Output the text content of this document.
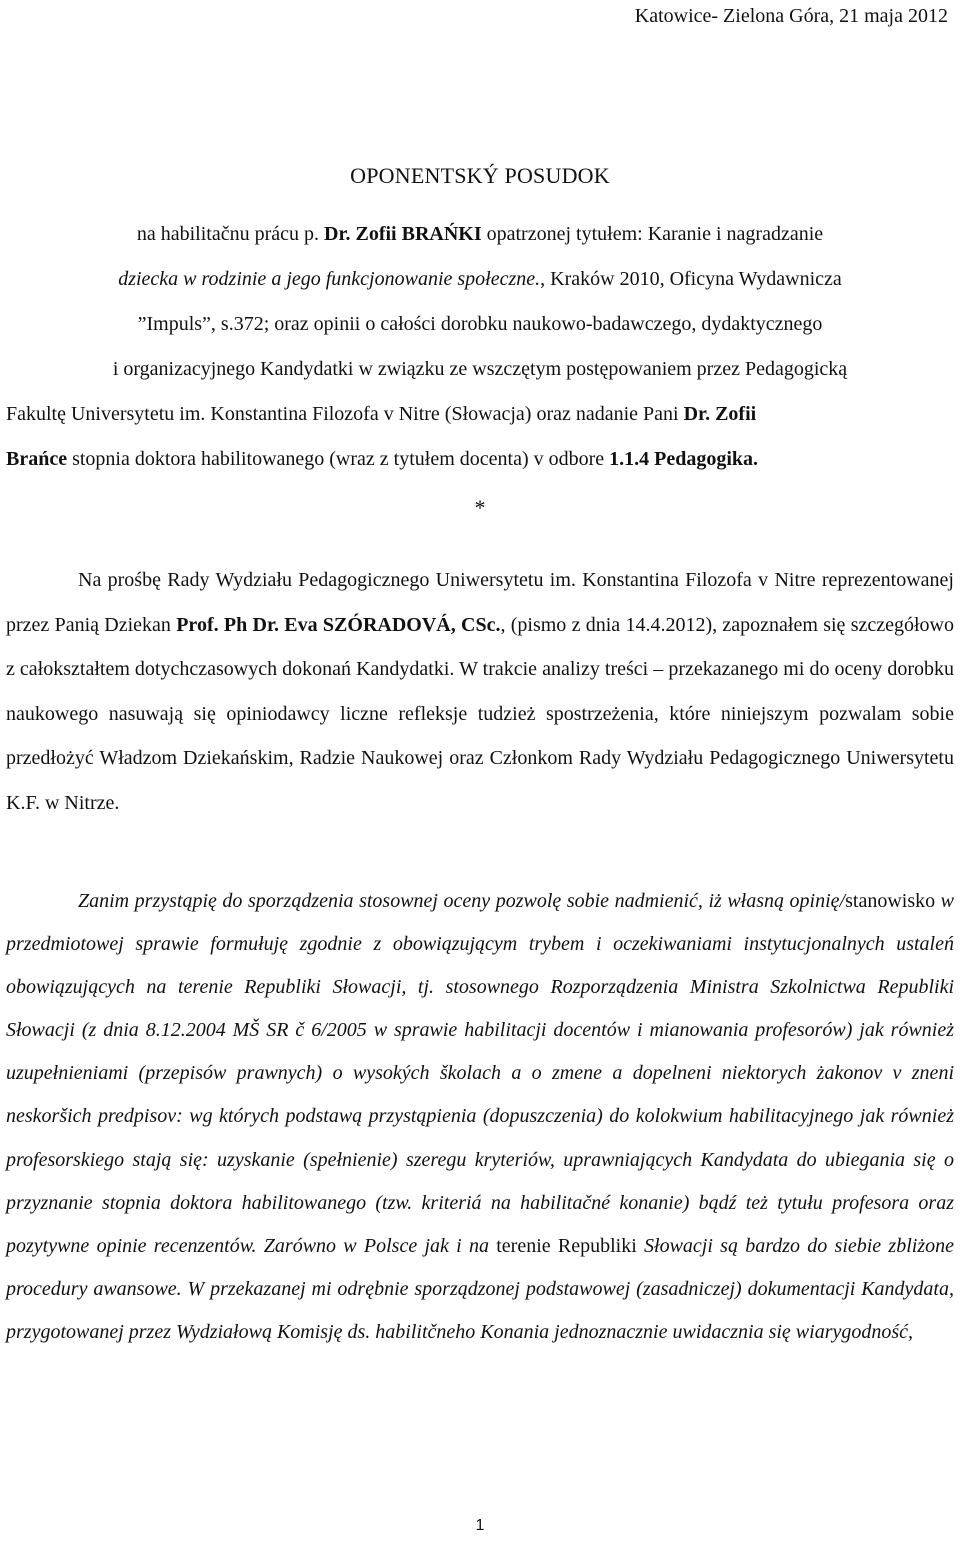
Katowice- Zielona Góra, 21 maja 2012
OPONENTSKÝ POSUDOK

na habilitačnu prácu p. Dr. Zofii BRAŃKI opatrzonej tytułem: Karanie i nagradzanie

dziecka w rodzinie a jego funkcjonowanie społeczne., Kraków 2010, Oficyna Wydawnicza

”Impuls”, s.372; oraz opinii o całości dorobku naukowo-badawczego, dydaktycznego

i organizacyjnego Kandydatki w związku ze wszczętym postępowaniem przez Pedagogicką

Fakultę Universytetu im. Konstantina Filozofa v Nitre (Słowacja) oraz nadanie Pani Dr. Zofii

Brańce stopnia doktora habilitowanego (wraz z tytułem docenta) v odbore 1.1.4 Pedagogika.

*

Na prośbę Rady Wydziału Pedagogicznego Uniwersytetu im. Konstantina Filozofa v Nitre reprezentowanej przez Panią Dziekan Prof. Ph Dr. Eva SZÓRADOVÁ, CSc., (pismo z dnia 14.4.2012), zapoznałem się szczegółowo z całokształtem dotychczasowych dokonań Kandydatki. W trakcie analizy treści – przekazanego mi do oceny dorobku naukowego nasuwają się opiniodawcy liczne refleksje tudzież spostrzeżenia, które niniejszym pozwalam sobie przedłożyć Władzom Dziekańskim, Radzie Naukowej oraz Członkom Rady Wydziału Pedagogicznego Uniwersytetu K.F. w Nitrze.

Zanim przystąpię do sporządzenia stosownej oceny pozwolę sobie nadmienić, iż własną opinię/stanowisko w przedmiotowej sprawie formułuję zgodnie z obowiązującym trybem i oczekiwaniami instytucjonalnych ustaleń obowiązujących na terenie Republiki Słowacji, tj. stosownego Rozporządzenia Ministra Szkolnictwa Republiki Słowacji (z dnia 8.12.2004 MŠ SR č 6/2005 w sprawie habilitacji docentów i mianowania profesorów) jak również uzupełnieniami (przepisów prawnych) o wysokých školach a o zmene a dopelneni niektorych żakonov v zneni neskoršich predpisov: wg których podstawą przystąpienia (dopuszczenia) do kolokwium habilitacyjnego jak również profesorskiego stają się: uzyskanie (spełnienie) szeregu kryteriów, uprawniających Kandydata do ubiegania się o przyznanie stopnia doktora habilitowanego (tzw. kriteriá na habilitačné konanie) bądź też tytułu profesora oraz pozytywne opinie recenzentów. Zarówno w Polsce jak i na terenie Republiki Słowacji są bardzo do siebie zbliżone procedury awansowe. W przekazanej mi odrębnie sporządzonej podstawowej (zasadniczej) dokumentacji Kandydata, przygotowanej przez Wydziałową Komisję ds. habilitčneho Konania jednoznacznie uwidacznia się wiarygodność,

1
